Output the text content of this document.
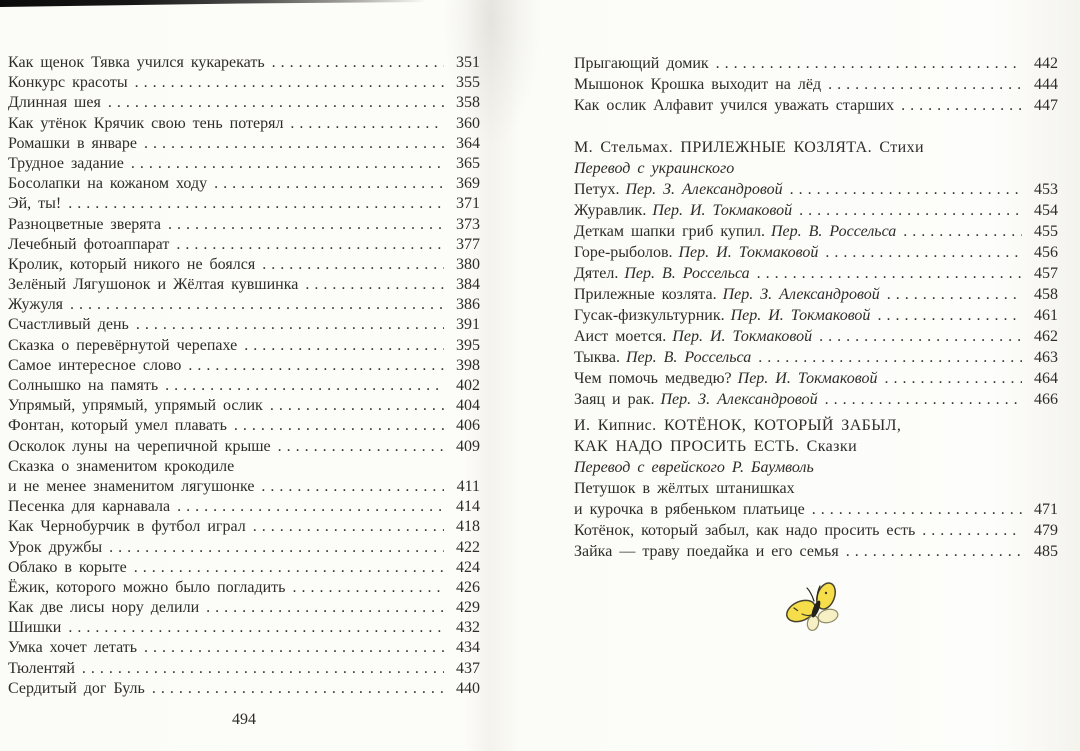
Как щенок Тявка учился кукарекать .....	351
Конкурс красоты .....	355
Длинная шея .....	358
Как утёнок Крячик свою тень потерял .....	360
Ромашки в январе .....	364
Трудное задание .....	365
Босолапки на кожаном ходу .....	369
Эй, ты! .....	371
Разноцветные зверята .....	373
Лечебный фотоаппарат .....	377
Кролик, который никого не боялся .....	380
Зелёный Лягушонок и Жёлтая кувшинка .....	384
Жужуля .....	386
Счастливый день .....	391
Сказка о перевёрнутой черепахе .....	395
Самое интересное слово .....	398
Солнышко на память .....	402
Упрямый, упрямый, упрямый ослик .....	404
Фонтан, который умел плавать .....	406
Осколок луны на черепичной крыше .....	409
Сказка о знаменитом крокодиле
и не менее знаменитом лягушонке .....	411
Песенка для карнавала .....	414
Как Чернобурчик в футбол играл .....	418
Урок дружбы .....	422
Облако в корыте .....	424
Ёжик, которого можно было погладить .....	426
Как две лисы нору делили .....	429
Шишки .....	432
Умка хочет летать .....	434
Тюлентяй .....	437
Сердитый дог Буль .....	440
Прыгающий домик .....	442
Мышонок Крошка выходит на лёд .....	444
Как ослик Алфавит учился уважать старших .....	447
М. Стельмах. ПРИЛЕЖНЫЕ КОЗЛЯТА. Стихи
Перевод с украинского
Петух. Пер. З. Александровой .....	453
Журавлик. Пер. И. Токмаковой .....	454
Деткам шапки гриб купил. Пер. В. Россельса .....	455
Горе-рыболов. Пер. И. Токмаковой .....	456
Дятел. Пер. В. Россельса .....	457
Прилежные козлята. Пер. З. Александровой .....	458
Гусак-физкультурник. Пер. И. Токмаковой .....	461
Аист моется. Пер. И. Токмаковой .....	462
Тыква. Пер. В. Россельса .....	463
Чем помочь медведю? Пер. И. Токмаковой .....	464
Заяц и рак. Пер. З. Александровой .....	466
И. Кипнис. КОТЁНОК, КОТОРЫЙ ЗАБЫЛ,
КАК НАДО ПРОСИТЬ ЕСТЬ. Сказки
Перевод с еврейского Р. Баумволь
Петушок в жёлтых штанишках
и курочка в рябеньком платьице .....	471
Котёнок, который забыл, как надо просить есть .....	479
Зайка — траву поедайка и его семья .....	485
494
